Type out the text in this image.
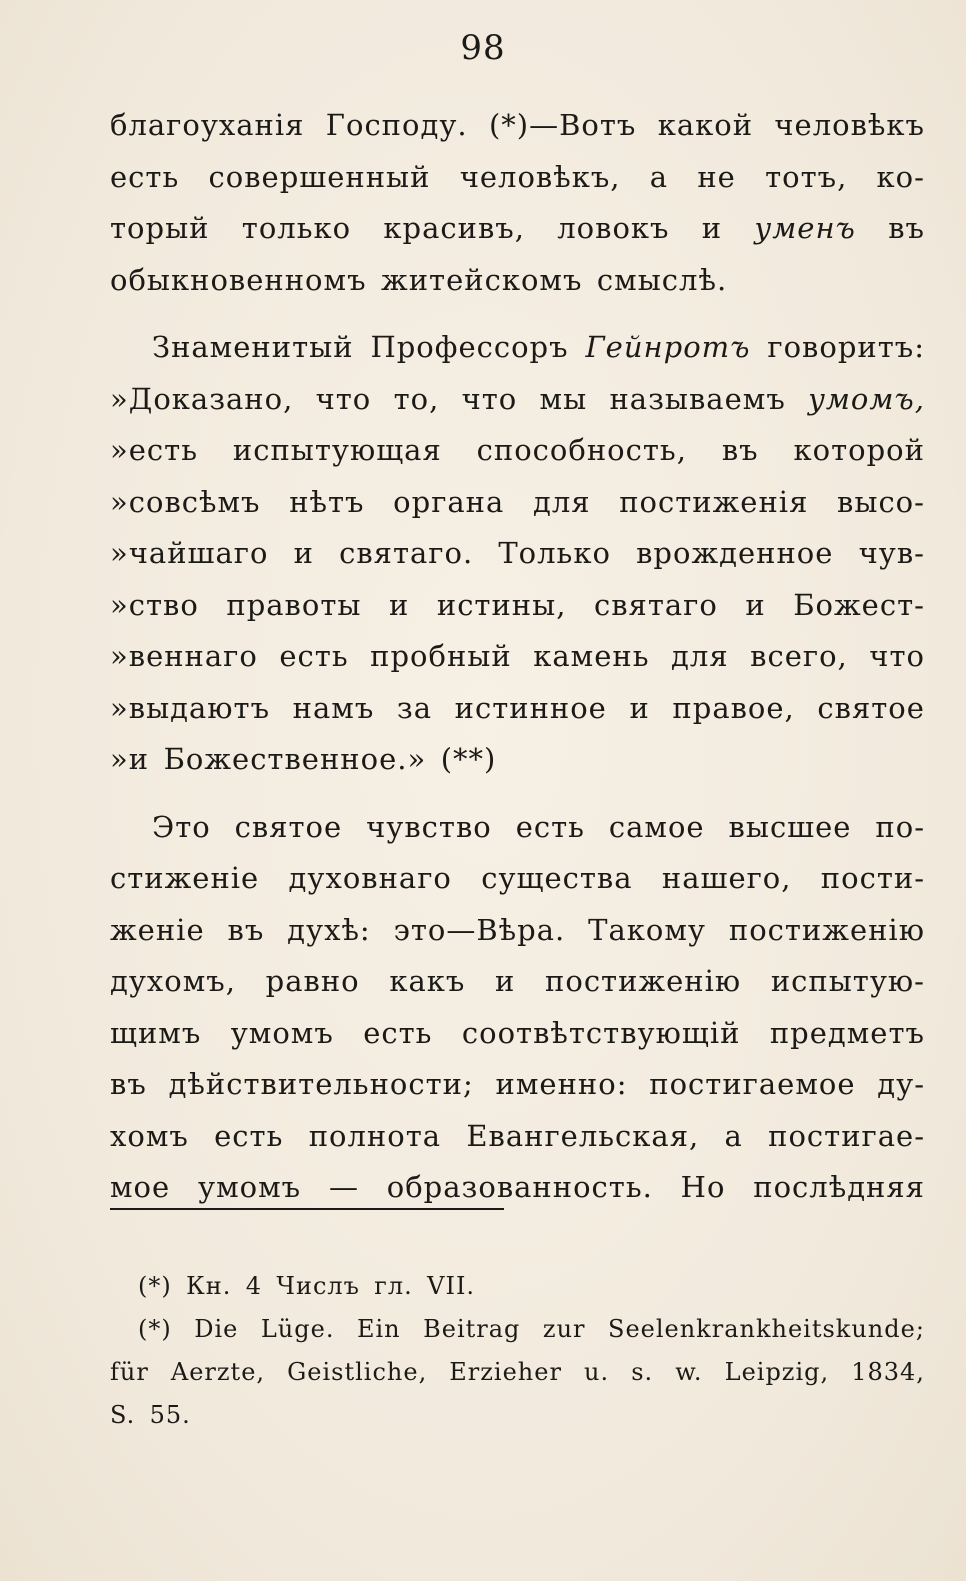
98
благоуханія Господу. (*)—Вотъ какой человѣкъ
есть совершенный человѣкъ, а не тотъ, ко-
торый только красивъ, ловокъ и уменъ въ
обыкновенномъ житейскомъ смыслѣ.
Знаменитый Профессоръ Гейнротъ говоритъ:
»Доказано, что то, что мы называемъ умомъ,
»есть испытующая способность, въ которой
»совсѣмъ нѣтъ органа для постиженія высо-
»чайшаго и святаго. Только врожденное чув-
»ство правоты и истины, святаго и Божест-
»веннаго есть пробный камень для всего, что
»выдаютъ намъ за истинное и правое, святое
»и Божественное.» (**)
Это святое чувство есть самое высшее по-
стиженіе духовнаго существа нашего, пости-
женіе въ духѣ: это—Вѣра. Такому постиженію
духомъ, равно какъ и постиженію испытую-
щимъ умомъ есть соотвѣтствующій предметъ
въ дѣйствительности; именно: постигаемое ду-
хомъ есть полнота Евангельская, а постигае-
мое умомъ — образованность. Но послѣдняя
(*) Кн. 4 Числъ гл. VII.
(*) Die Lüge. Ein Beitrag zur Seelenkrankheitskunde;
für Aerzte, Geistliche, Erzieher u. s. w. Leipzig, 1834,
S. 55.
